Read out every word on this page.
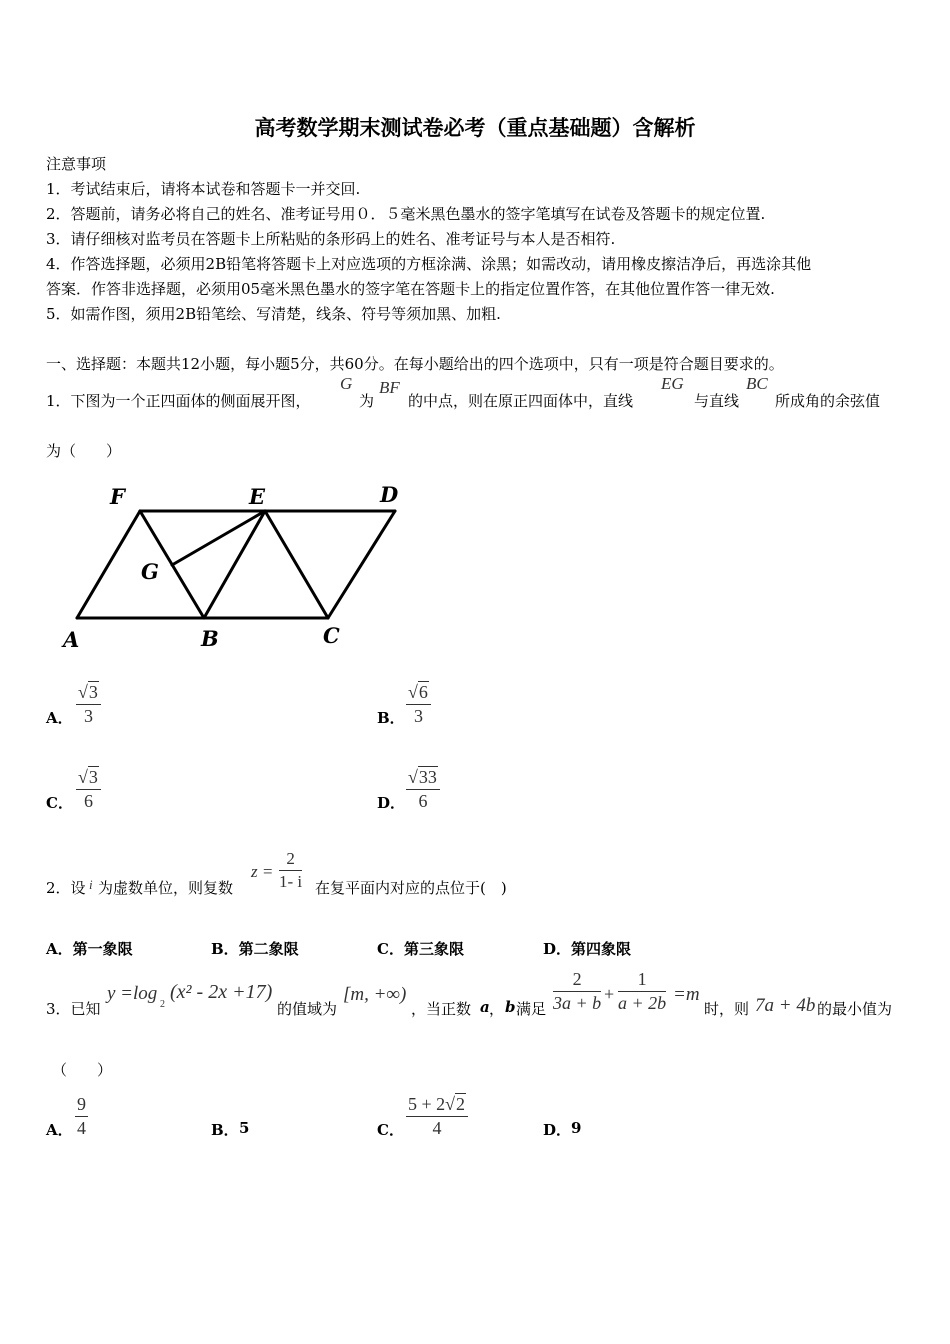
高考数学期末测试卷必考（重点基础题）含解析
注意事项
1．考试结束后，请将本试卷和答题卡一并交回.
2．答题前，请务必将自己的姓名、准考证号用０．５毫米黑色墨水的签字笔填写在试卷及答题卡的规定位置.
3．请仔细核对监考员在答题卡上所粘贴的条形码上的姓名、准考证号与本人是否相符.
4．作答选择题，必须用2B铅笔将答题卡上对应选项的方框涂满、涂黑；如需改动，请用橡皮擦洁净后，再选涂其他
答案．作答非选择题，必须用05毫米黑色墨水的签字笔在答题卡上的指定位置作答，在其他位置作答一律无效.
5．如需作图，须用2B铅笔绘、写清楚，线条、符号等须加黑、加粗.
一、选择题：本题共12小题，每小题5分，共60分。在每小题给出的四个选项中，只有一项是符合题目要求的。
1．下图为一个正四面体的侧面展开图，
G
为
BF
的中点，则在原正四面体中，直线
EG
与直线
BC
所成角的余弦值
为（　　）
F	E	D
G
A	B	C
A． $\frac{√3}{3}$	B． $\frac{√6}{3}$
C． $\frac{√3}{6}$	D． $\frac{√33}{6}$
2．设 i 为虚数单位，则复数
$z = \frac{2}{1- i}$ 在复平面内对应的点位于(　)
A．第一象限	B．第二象限	C．第三象限	D．第四象限
3．已知
y =log
2
(x² - 2x +17)
的值域为
[m, +∞)
，当正数 a ， b 满足 $\frac{2}{3a + b} + \frac{1}{a + 2b} =m$
时，则 7a + 4b 的最小值为
（　　）
A． $\frac{9}{4}$	B． 5	C． $\frac{5 + 2√2}{4}$	D． 9
